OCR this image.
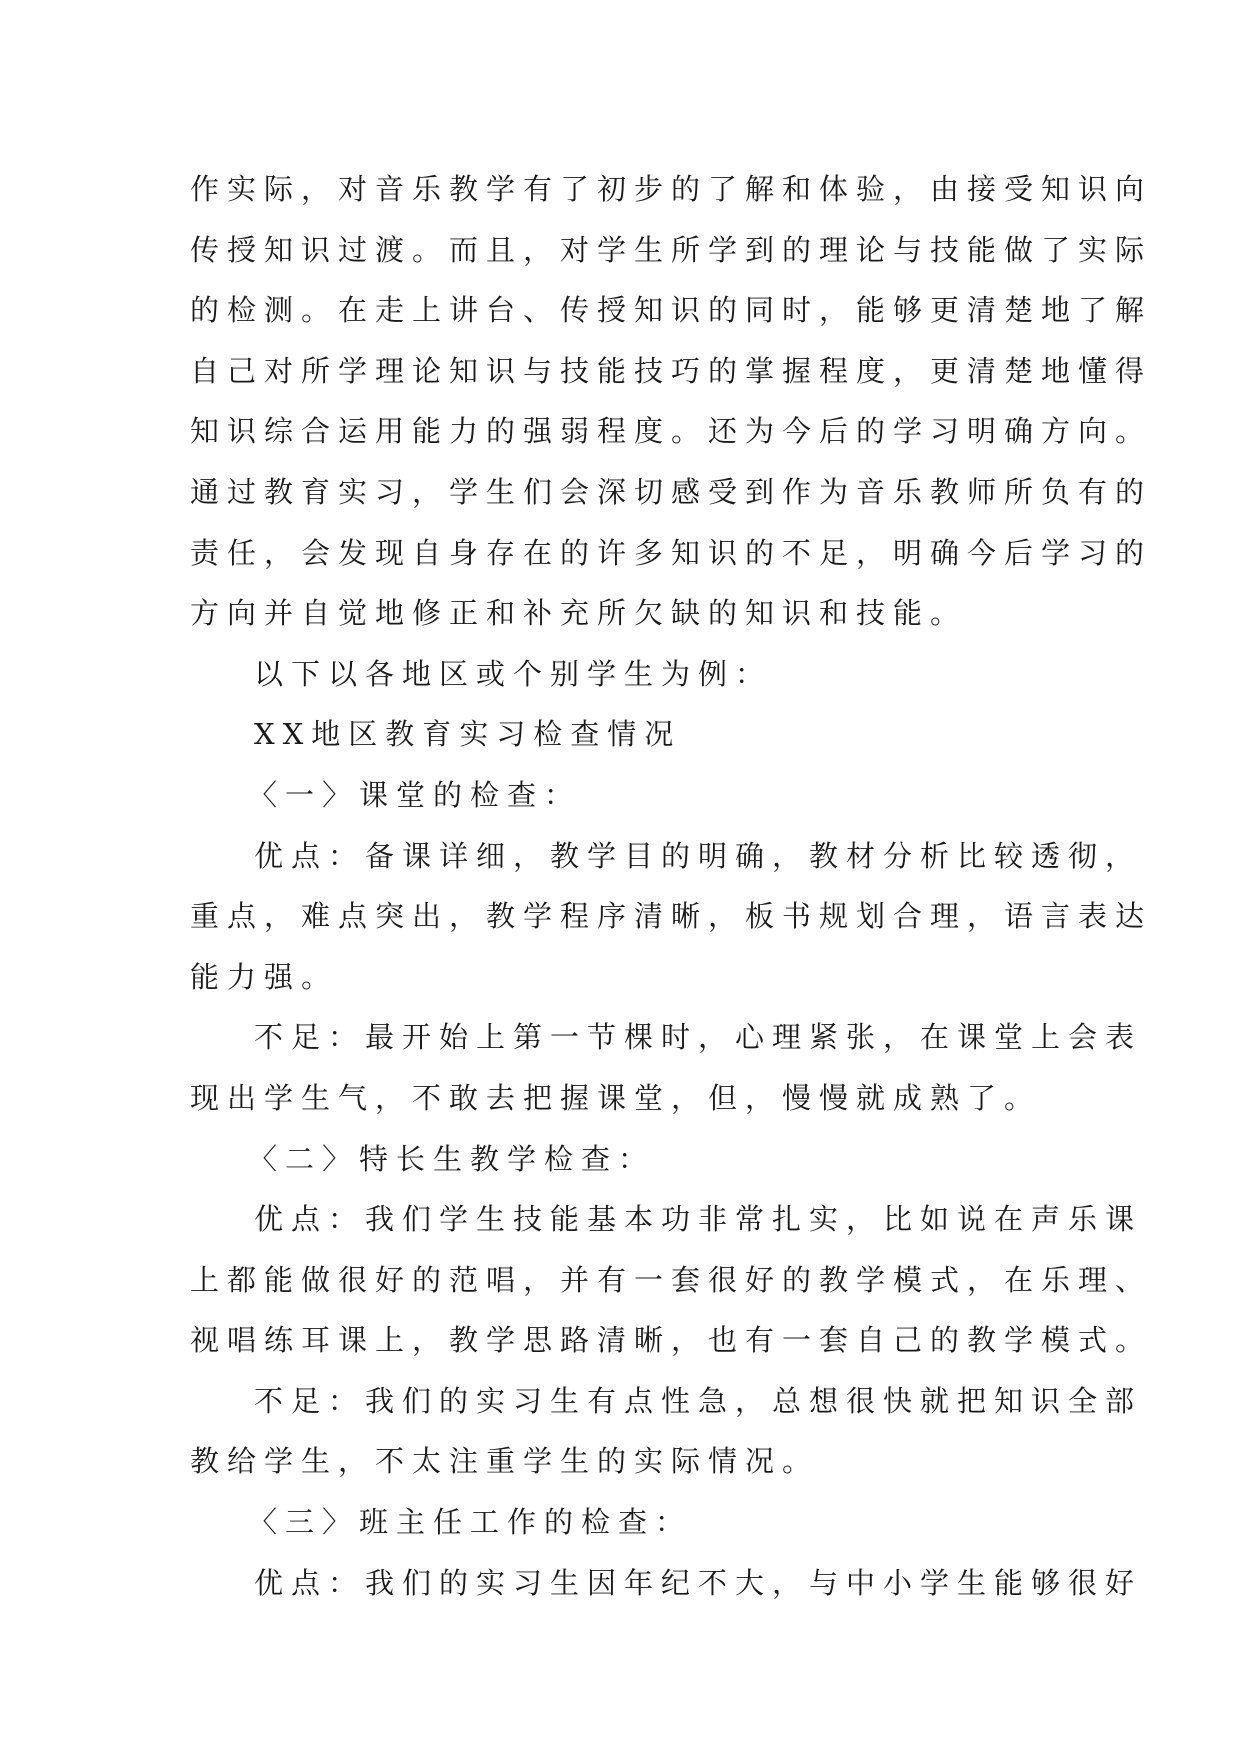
作实际，对音乐教学有了初步的了解和体验，由接受知识向
传授知识过渡。而且，对学生所学到的理论与技能做了实际
的检测。在走上讲台、传授知识的同时，能够更清楚地了解
自己对所学理论知识与技能技巧的掌握程度，更清楚地懂得
知识综合运用能力的强弱程度。还为今后的学习明确方向。
通过教育实习，学生们会深切感受到作为音乐教师所负有的
责任，会发现自身存在的许多知识的不足，明确今后学习的
方向并自觉地修正和补充所欠缺的知识和技能。
以下以各地区或个别学生为例：
XX地区教育实习检查情况
〈一〉课堂的检查：
优点：备课详细，教学目的明确，教材分析比较透彻，
重点，难点突出，教学程序清晰，板书规划合理，语言表达
能力强。
不足：最开始上第一节棵时，心理紧张，在课堂上会表
现出学生气，不敢去把握课堂，但，慢慢就成熟了。
〈二〉特长生教学检查：
优点：我们学生技能基本功非常扎实，比如说在声乐课
上都能做很好的范唱，并有一套很好的教学模式，在乐理、
视唱练耳课上，教学思路清晰，也有一套自己的教学模式。
不足：我们的实习生有点性急，总想很快就把知识全部
教给学生，不太注重学生的实际情况。
〈三〉班主任工作的检查：
优点：我们的实习生因年纪不大，与中小学生能够很好
